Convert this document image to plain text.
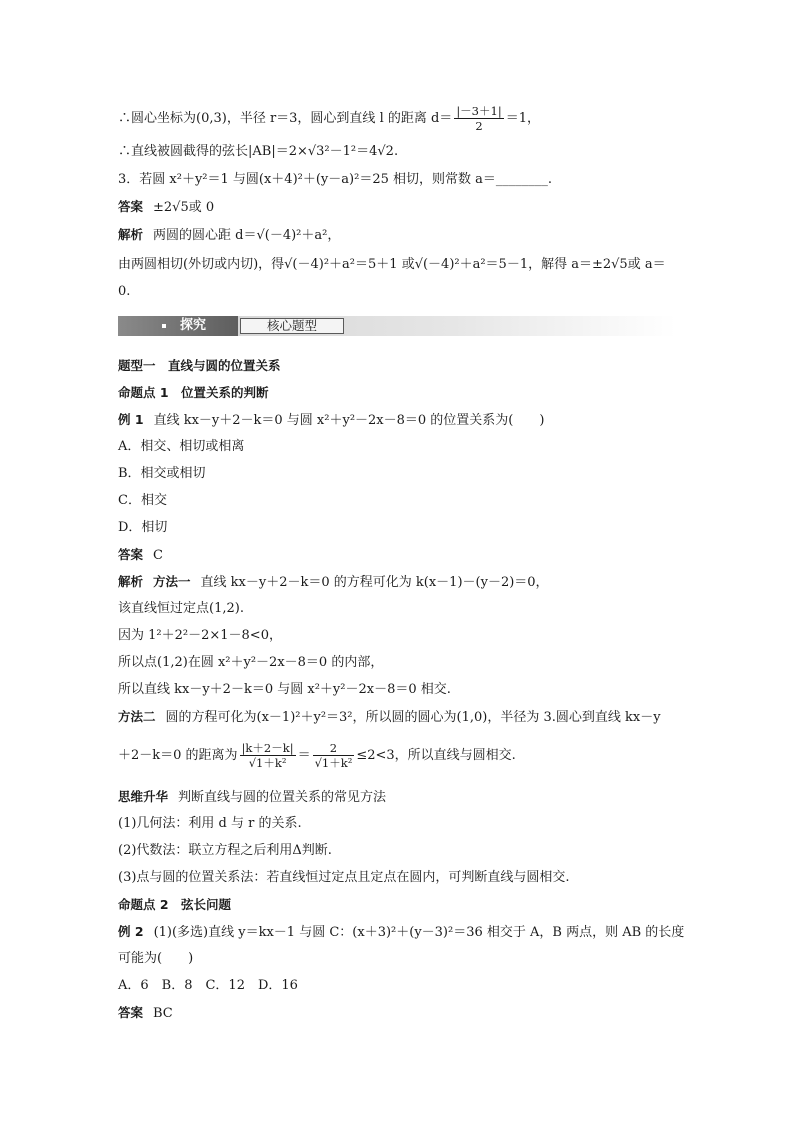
∴圆心坐标为(0,3)，半径 r＝3，圆心到直线 l 的距离 $d= \frac{|-3+1|}{2} =1$，
∴直线被圆截得的弦长|AB|＝2×√3²－1²＝4√2.
3．若圆 x²＋y²＝1 与圆(x＋4)²＋(y－a)²＝25 相切，则常数 a＝________.
答案 ±2√5或 0
解析 两圆的圆心距 d＝√(－4)²＋a²，
由两圆相切(外切或内切)，得√(－4)²＋a²＝5＋1 或√(－4)²＋a²＝5－1，解得 a＝±2√5或 a＝
0.
探究	核心题型
题型一　直线与圆的位置关系
命题点 1　位置关系的判断
例 1 直线 kx－y＋2－k＝0 与圆 x²＋y²－2x－8＝0 的位置关系为(　　)
A．相交、相切或相离
B．相交或相切
C．相交
D．相切
答案 C
解析 方法一 直线 kx－y＋2－k＝0 的方程可化为 k(x－1)－(y－2)＝0，
该直线恒过定点(1,2).
因为 1²＋2²－2×1－8<0，
所以点(1,2)在圆 x²＋y²－2x－8＝0 的内部，
所以直线 kx－y＋2－k＝0 与圆 x²＋y²－2x－8＝0 相交.
方法二 圆的方程可化为(x－1)²＋y²＝3²，所以圆的圆心为(1,0)，半径为 3.圆心到直线 kx－y
＋2－k＝0 的距离为 $\frac{|k+2-k|}{\text{√1＋k²}} = \frac{2}{\text{√1＋k²}} \le 2<3$，所以直线与圆相交.
思维升华 判断直线与圆的位置关系的常见方法
(1)几何法：利用 d 与 r 的关系.
(2)代数法：联立方程之后利用Δ判断.
(3)点与圆的位置关系法：若直线恒过定点且定点在圆内，可判断直线与圆相交.
命题点 2　弦长问题
例 2 (1)(多选)直线 y＝kx－1 与圆 C：(x＋3)²＋(y－3)²＝36 相交于 A，B 两点，则 AB 的长度
可能为(　　)
A．6　B．8　C．12　D．16
答案 BC
